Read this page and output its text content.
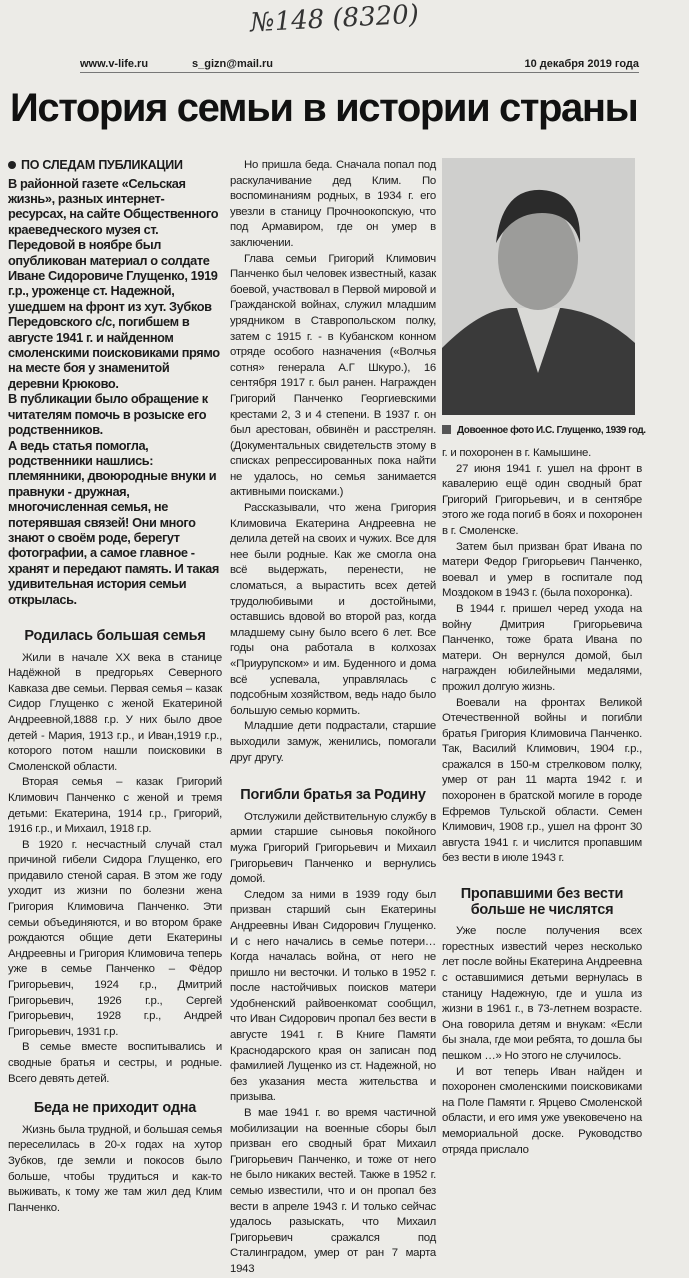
№148 (8320)
www.v-life.ru	s_gizn@mail.ru	10 декабря 2019 года
История семьи в истории страны
ПО СЛЕДАМ ПУБЛИКАЦИИ

В районной газете «Сельская жизнь», разных интернет-ресурсах, на сайте Общественного краеведческого музея ст. Передовой в ноябре был опубликован материал о солдате Иване Сидоровиче Глущенко, 1919 г.р., уроженце ст. Надежной, ушедшем на фронт из хут. Зубков Передовского с/с, погибшем в августе 1941 г. и найденном смоленскими поисковиками прямо на месте боя у знаменитой деревни Крюково.

В публикации было обращение к читателям помочь в розыске его родственников.

А ведь статья помогла, родственники нашлись: племянники, двоюродные внуки и правнуки - дружная, многочисленная семья, не потерявшая связей! Они много знают о своём роде, берегут фотографии, а самое главное - хранят и передают память. И такая удивительная история семьи открылась.

Родилась большая семья

Жили в начале XX века в станице Надёжной в предгорьях Северного Кавказа две семьи. Первая семья – казак Сидор Глущенко с женой Екатериной Андреевной,1888 г.р. У них было двое детей - Мария, 1913 г.р., и Иван,1919 г.р., которого потом нашли поисковики в Смоленской области.

Вторая семья – казак Григорий Климович Панченко с женой и тремя детьми: Екатерина, 1914 г.р., Григорий, 1916 г.р., и Михаил, 1918 г.р.

В 1920 г. несчастный случай стал причиной гибели Сидора Глущенко, его придавило стеной сарая. В этом же году уходит из жизни по болезни жена Григория Климовича Панченко. Эти семьи объединяются, и во втором браке рождаются общие дети Екатерины Андреевны и Григория Климовича теперь уже в семье Панченко – Фёдор Григорьевич, 1924 г.р., Дмитрий Григорьевич, 1926 г.р., Сергей Григорьевич, 1928 г.р., Андрей Григорьевич, 1931 г.р.

В семье вместе воспитывались и сводные братья и сестры, и родные. Всего девять детей.

Беда не приходит одна

Жизнь была трудной, и большая семья переселилась в 20-х годах на хутор Зубков, где земли и покосов было больше, чтобы трудиться и как-то выживать, к тому же там жил дед Клим Панченко.

Но пришла беда. Сначала попал под раскулачивание дед Клим. По воспоминаниям родных, в 1934 г. его увезли в станицу Прочноокопскую, что под Армавиром, где он умер в заключении.

Глава семьи Григорий Климович Панченко был человек известный, казак боевой, участвовал в Первой мировой и Гражданской войнах, служил младшим урядником в Ставропольском полку, затем с 1915 г. - в Кубанском конном отряде особого назначения («Волчья сотня» генерала А.Г Шкуро.), 16 сентября 1917 г. был ранен. Награжден Григорий Панченко Георгиевскими крестами 2, 3 и 4 степени. В 1937 г. он был арестован, обвинён и расстрелян. (Документальных свидетельств этому в списках репрессированных пока найти не удалось, но семья занимается активными поисками.)

Рассказывали, что жена Григория Климовича Екатерина Андреевна не делила детей на своих и чужих. Все для нее были родные. Как же смогла она всё выдержать, перенести, не сломаться, а вырастить всех детей трудолюбивыми и достойными, оставшись вдовой во второй раз, когда младшему сыну было всего 6 лет. Все годы она работала в колхозах «Приурупском» и им. Буденного и дома всё успевала, управлялась с подсобным хозяйством, ведь надо было большую семью кормить.

Младшие дети подрастали, старшие выходили замуж, женились, помогали друг другу.

Погибли братья за Родину

Отслужили действительную службу в армии старшие сыновья покойного мужа Григорий Григорьевич и Михаил Григорьевич Панченко и вернулись домой.

Следом за ними в 1939 году был призван старший сын Екатерины Андреевны Иван Сидорович Глущенко. И с него начались в семье потери… Когда началась война, от него не пришло ни весточки. И только в 1952 г. после настойчивых поисков матери Удобненский райвоенкомат сообщил, что Иван Сидорович пропал без вести в августе 1941 г. В Книге Памяти Краснодарского края он записан под фамилией Лущенко из ст. Надежной, но без указания места жительства и призыва.

В мае 1941 г. во время частичной мобилизации на военные сборы был призван его сводный брат Михаил Григорьевич Панченко, и тоже от него не было никаких вестей. Также в 1952 г. семью известили, что и он пропал без вести в апреле 1943 г. И только сейчас удалось разыскать, что Михаил Григорьевич сражался под Сталинградом, умер от ран 7 марта 1943

Довоенное фото И.С. Глущенко, 1939 год.

г. и похоронен в г. Камышине.

27 июня 1941 г. ушел на фронт в кавалерию ещё один сводный брат Григорий Григорьевич, и в сентябре этого же года погиб в боях и похоронен в г. Смоленске.

Затем был призван брат Ивана по матери Федор Григорьевич Панченко, воевал и умер в госпитале под Моздоком в 1943 г. (была похоронка).

В 1944 г. пришел черед ухода на войну Дмитрия Григорьевича Панченко, тоже брата Ивана по матери. Он вернулся домой, был награжден юбилейными медалями, прожил долгую жизнь.

Воевали на фронтах Великой Отечественной войны и погибли братья Григория Климовича Панченко. Так, Василий Климович, 1904 г.р., сражался в 150-м стрелковом полку, умер от ран 11 марта 1942 г. и похоронен в братской могиле в городе Ефремов Тульской области. Семен Климович, 1908 г.р., ушел на фронт 30 августа 1941 г. и числится пропавшим без вести в июле 1943 г.

Пропавшими без вести больше не числятся

Уже после получения всех горестных известий через несколько лет после войны Екатерина Андреевна с оставшимися детьми вернулась в станицу Надежную, где и ушла из жизни в 1961 г., в 73-летнем возрасте. Она говорила детям и внукам: «Если бы знала, где мои ребята, то дошла бы пешком …» Но этого не случилось.

И вот теперь Иван найден и похоронен смоленскими поисковиками на Поле Памяти г. Ярцево Смоленской области, и его имя уже увековечено на мемориальной доске. Руководство отряда прислало
